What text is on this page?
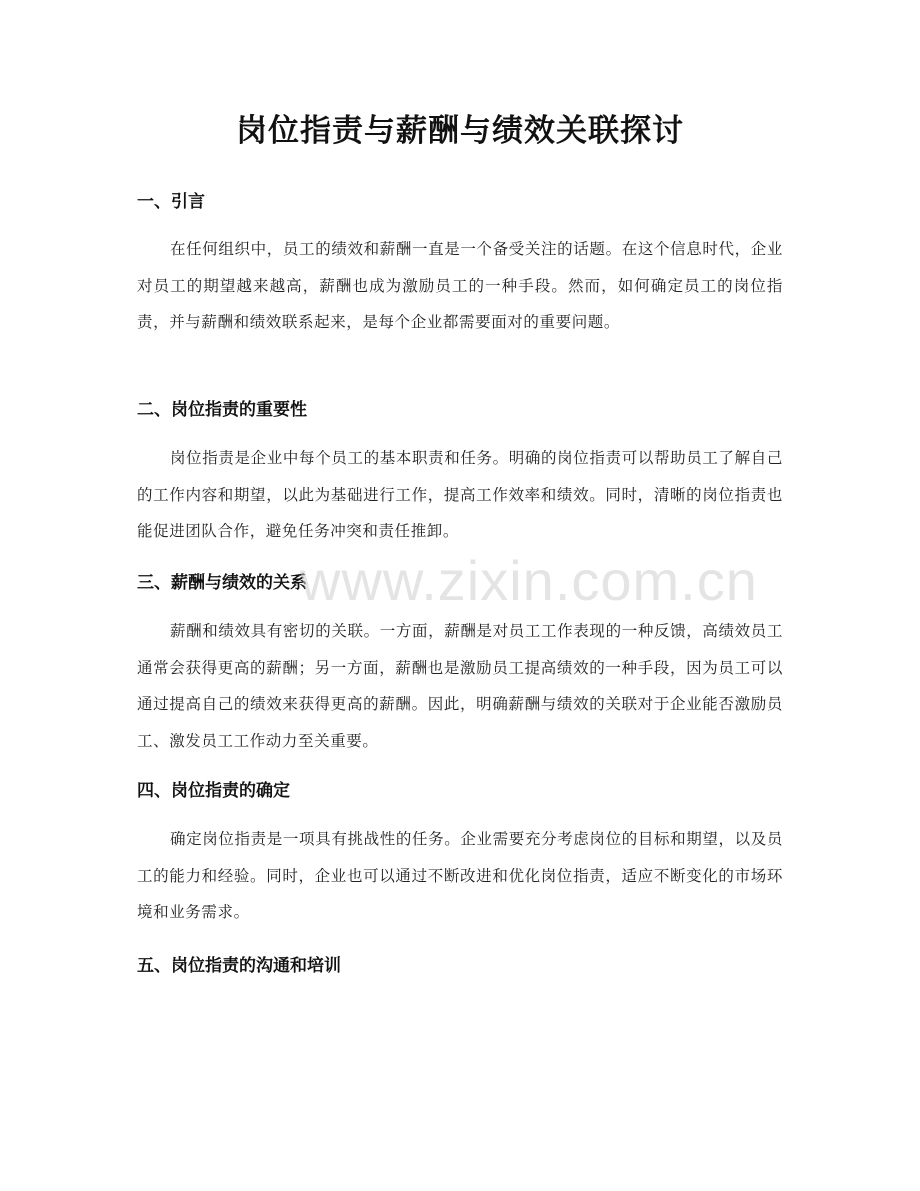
岗位指责与薪酬与绩效关联探讨
一、引言
在任何组织中，员工的绩效和薪酬一直是一个备受关注的话题。在这个信息时代，企业对员工的期望越来越高，薪酬也成为激励员工的一种手段。然而，如何确定员工的岗位指责，并与薪酬和绩效联系起来，是每个企业都需要面对的重要问题。
二、岗位指责的重要性
岗位指责是企业中每个员工的基本职责和任务。明确的岗位指责可以帮助员工了解自己的工作内容和期望，以此为基础进行工作，提高工作效率和绩效。同时，清晰的岗位指责也能促进团队合作，避免任务冲突和责任推卸。
三、薪酬与绩效的关系
薪酬和绩效具有密切的关联。一方面，薪酬是对员工工作表现的一种反馈，高绩效员工通常会获得更高的薪酬；另一方面，薪酬也是激励员工提高绩效的一种手段，因为员工可以通过提高自己的绩效来获得更高的薪酬。因此，明确薪酬与绩效的关联对于企业能否激励员工、激发员工工作动力至关重要。
四、岗位指责的确定
确定岗位指责是一项具有挑战性的任务。企业需要充分考虑岗位的目标和期望，以及员工的能力和经验。同时，企业也可以通过不断改进和优化岗位指责，适应不断变化的市场环境和业务需求。
五、岗位指责的沟通和培训
www.zixin.com.cn
